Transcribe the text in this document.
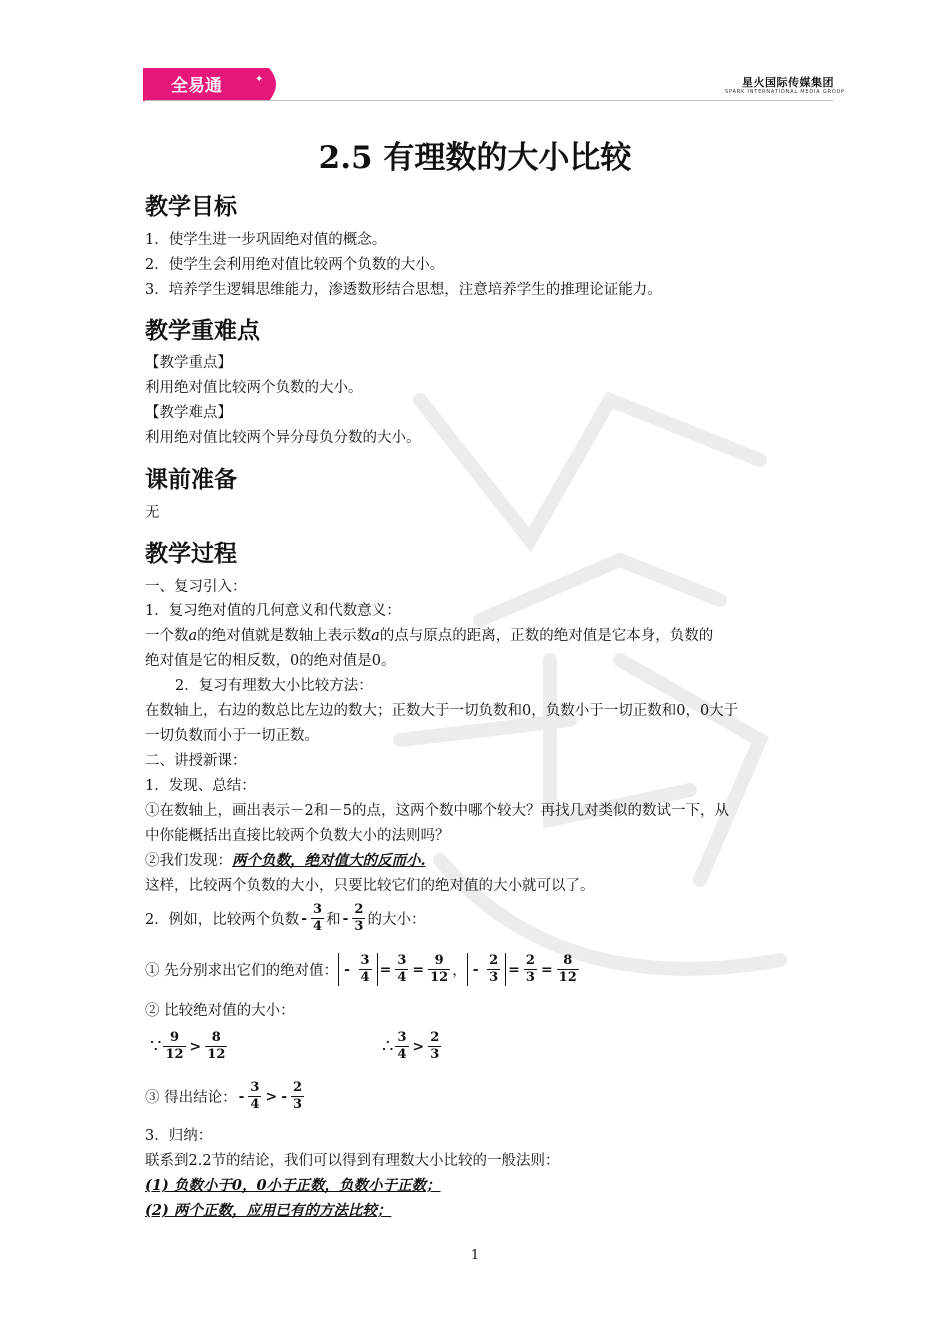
全易通	✦	星火国际传媒集团
SPARK INTERNATIONAL MEDIA GROUP
2.5 有理数的大小比较
教学目标
1．使学生进一步巩固绝对值的概念。
2．使学生会利用绝对值比较两个负数的大小。
3．培养学生逻辑思维能力，渗透数形结合思想，注意培养学生的推理论证能力。
教学重难点
【教学重点】
利用绝对值比较两个负数的大小。
【教学难点】
利用绝对值比较两个异分母负分数的大小。
课前准备
无
教学过程
一、复习引入：
1．复习绝对值的几何意义和代数意义：
一个数a的绝对值就是数轴上表示数a的点与原点的距离，正数的绝对值是它本身，负数的
绝对值是它的相反数，0的绝对值是0。
2．复习有理数大小比较方法：
在数轴上，右边的数总比左边的数大；正数大于一切负数和0，负数小于一切正数和0，0大于
一切负数而小于一切正数。
二、讲授新课：
1．发现、总结：
①在数轴上，画出表示－2和－5的点，这两个数中哪个较大？再找几对类似的数试一下，从
中你能概括出直接比较两个负数大小的法则吗？
②我们发现：两个负数，绝对值大的反而小.
这样，比较两个负数的大小，只要比较它们的绝对值的大小就可以了。
2．例如，比较两个负数 - $\frac{3}{4}$ 和 - $\frac{2}{3}$ 的大小：
① 先分别求出它们的绝对值： - $\frac{3}{4} = \frac{3}{4} = \frac{9}{12}$ ， - $\frac{2}{3} = \frac{2}{3} = \frac{8}{12}$
② 比较绝对值的大小：
∵ $\frac{9}{12} > \frac{8}{12}$	∴ $\frac{3}{4} > \frac{2}{3}$
③ 得出结论： - $\frac{3}{4}$ > - $\frac{2}{3}$
3．归纳：
联系到2.2节的结论，我们可以得到有理数大小比较的一般法则：
(1) 负数小于0，0小于正数，负数小于正数；
(2) 两个正数，应用已有的方法比较；
1
